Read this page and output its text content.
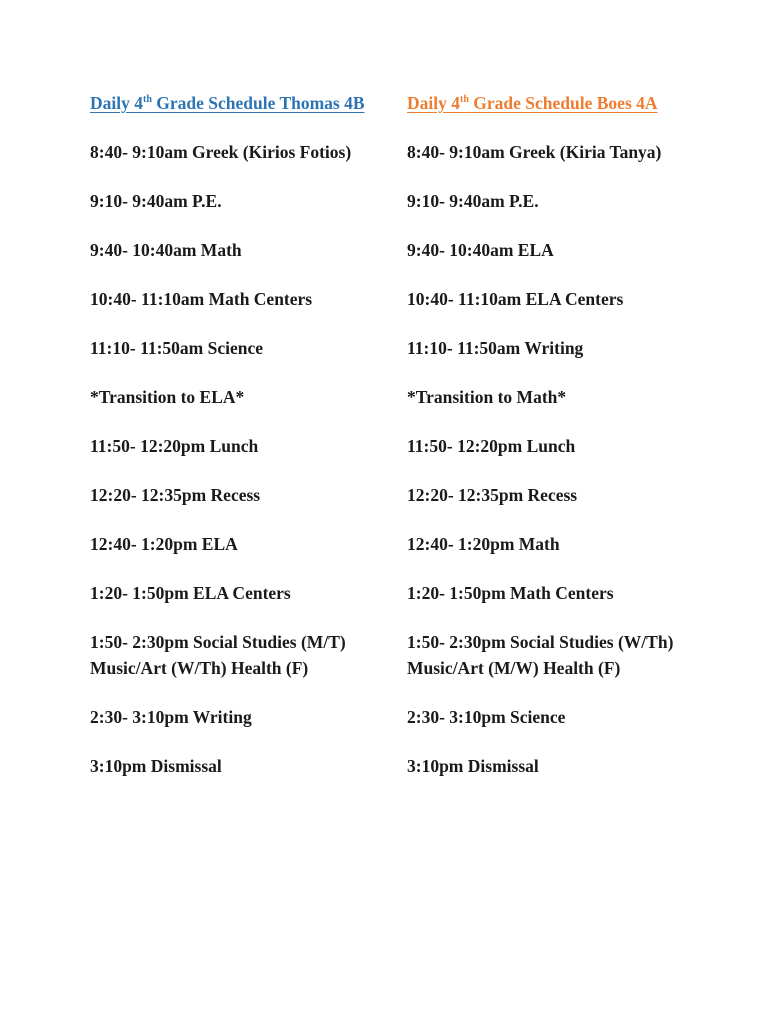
Daily 4th Grade Schedule Thomas 4B
8:40- 9:10am Greek (Kirios Fotios)
9:10- 9:40am P.E.
9:40- 10:40am Math
10:40- 11:10am Math Centers
11:10- 11:50am Science
*Transition to ELA*
11:50- 12:20pm Lunch
12:20- 12:35pm Recess
12:40- 1:20pm ELA
1:20- 1:50pm ELA Centers
1:50- 2:30pm Social Studies (M/T) Music/Art (W/Th) Health (F)
2:30- 3:10pm Writing
3:10pm Dismissal
Daily 4th Grade Schedule Boes 4A
8:40- 9:10am Greek (Kiria Tanya)
9:10- 9:40am P.E.
9:40- 10:40am ELA
10:40- 11:10am ELA Centers
11:10- 11:50am Writing
*Transition to Math*
11:50- 12:20pm Lunch
12:20- 12:35pm Recess
12:40- 1:20pm Math
1:20- 1:50pm Math Centers
1:50- 2:30pm Social Studies (W/Th) Music/Art (M/W) Health (F)
2:30- 3:10pm Science
3:10pm Dismissal
